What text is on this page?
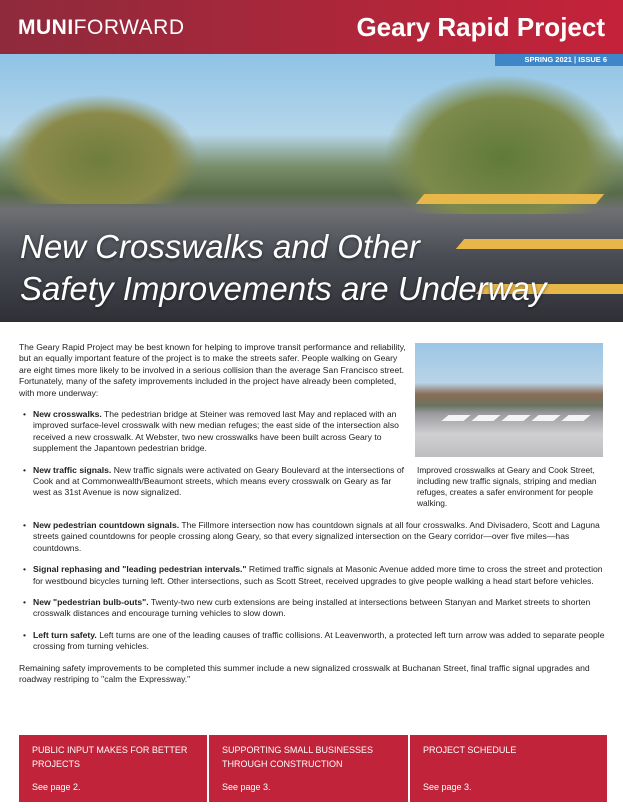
MUNIFORWARD	Geary Rapid Project
SPRING 2021 | ISSUE 6
New Crosswalks and Other
Safety Improvements are Underway

The Geary Rapid Project may be best known for helping to improve transit performance and reliability, but an equally important feature of the project is to make the streets safer. People walking on Geary are eight times more likely to be involved in a serious collision than the average San Francisco street. Fortunately, many of the safety improvements included in the project have already been completed, with more underway:

• New crosswalks. The pedestrian bridge at Steiner was removed last May and replaced with an improved surface-level crosswalk with new median refuges; the east side of the intersection also received a new crosswalk. At Webster, two new crosswalks have been built across Geary to supplement the Japantown pedestrian bridge.
• New traffic signals. New traffic signals were activated on Geary Boulevard at the intersections of Cook and at Commonwealth/Beaumont streets, which means every crosswalk on Geary as far west as 31st Avenue is now signalized.
Improved crosswalks at Geary and Cook Street, including new traffic signals, striping and median refuges, creates a safer environment for people walking.
• New pedestrian countdown signals. The Fillmore intersection now has countdown signals at all four crosswalks. And Divisadero, Scott and Laguna streets gained countdowns for people crossing along Geary, so that every signalized intersection on the Geary corridor—over five miles—has countdowns.
• Signal rephasing and "leading pedestrian intervals." Retimed traffic signals at Masonic Avenue added more time to cross the street and protection for westbound bicycles turning left. Other intersections, such as Scott Street, received upgrades to give people walking a head start before vehicles.
• New "pedestrian bulb-outs". Twenty-two new curb extensions are being installed at intersections between Stanyan and Market streets to shorten crosswalk distances and encourage turning vehicles to slow down.
• Left turn safety. Left turns are one of the leading causes of traffic collisions. At Leavenworth, a protected left turn arrow was added to separate people crossing from turning vehicles.

Remaining safety improvements to be completed this summer include a new signalized crosswalk at Buchanan Street, final traffic signal upgrades and roadway restriping to "calm the Expressway."

PUBLIC INPUT MAKES FOR BETTER PROJECTS
See page 2.
SUPPORTING SMALL BUSINESSES THROUGH CONSTRUCTION
See page 3.
PROJECT SCHEDULE
See page 3.
